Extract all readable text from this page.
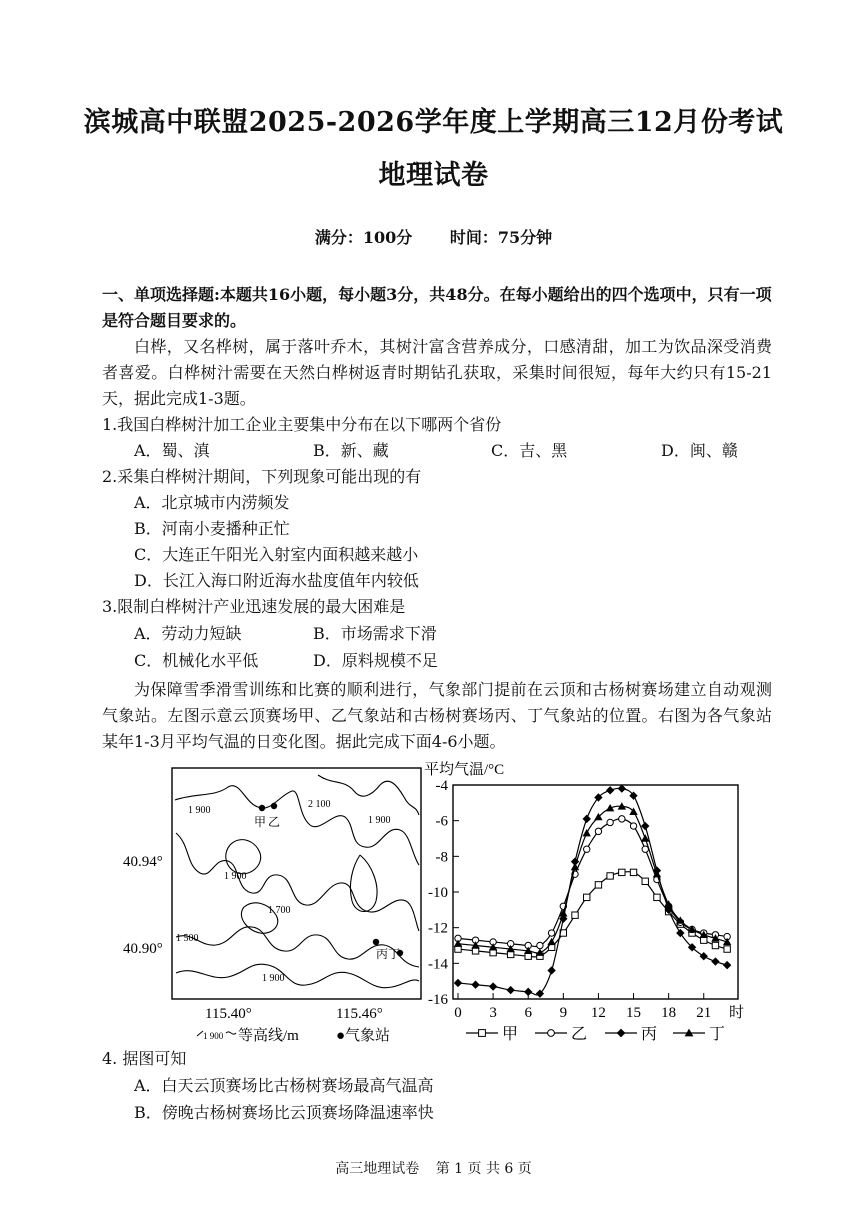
滨城高中联盟2025-2026学年度上学期高三12月份考试
地理试卷
满分：100分 时间：75分钟
一、单项选择题:本题共16小题，每小题3分，共48分。在每小题给出的四个选项中，只有一项是符合题目要求的。
白桦，又名桦树，属于落叶乔木，其树汁富含营养成分，口感清甜，加工为饮品深受消费者喜爱。白桦树汁需要在天然白桦树返青时期钻孔获取，采集时间很短，每年大约只有15-21天，据此完成1-3题。
1.我国白桦树汁加工企业主要集中分布在以下哪两个省份
A．蜀、滇	B．新、藏	C．吉、黑	D．闽、赣
2.采集白桦树汁期间，下列现象可能出现的有
A．北京城市内涝频发
B．河南小麦播种正忙
C．大连正午阳光入射室内面积越来越小
D．长江入海口附近海水盐度值年内较低
3.限制白桦树汁产业迅速发展的最大困难是
A．劳动力短缺	B．市场需求下滑
C．机械化水平低	D．原料规模不足
为保障雪季滑雪训练和比赛的顺利进行，气象部门提前在云顶和古杨树赛场建立自动观测气象站。左图示意云顶赛场甲、乙气象站和古杨树赛场丙、丁气象站的位置。右图为各气象站某年1-3月平均气温的日变化图。据此完成下面4-6小题。
1 900
2 100
1 900
1 900
1 700
1 500
1 900
甲 乙
丙 丁
40.94°
40.90°
115.40°	115.46°
1 900 等高线/m ●气象站
平均气温/°C
时
-4
-6
-8
-10
-12
-14
-16
0 3 6 9 12 15 18 21
甲	乙	丙	丁
4. 据图可知
A．白天云顶赛场比古杨树赛场最高气温高
B．傍晚古杨树赛场比云顶赛场降温速率快
高三地理试卷 第 1 页 共 6 页
